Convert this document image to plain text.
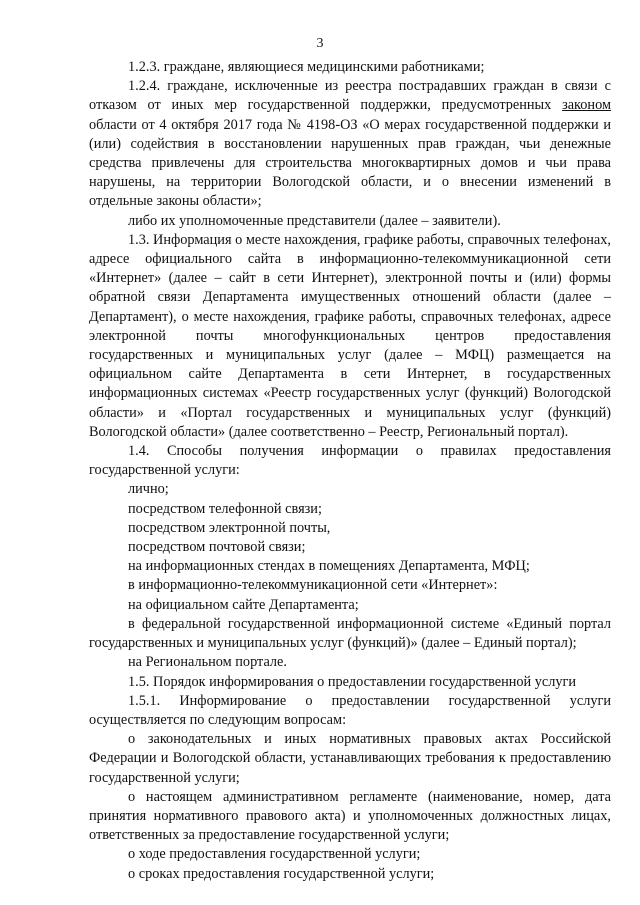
3

1.2.3. граждане, являющиеся медицинскими работниками;

1.2.4. граждане, исключенные из реестра пострадавших граждан в связи с отказом от иных мер государственной поддержки, предусмотренных законом области от 4 октября 2017 года № 4198-ОЗ «О мерах государственной поддержки и (или) содействия в восстановлении нарушенных прав граждан, чьи денежные средства привлечены для строительства многоквартирных домов и чьи права нарушены, на территории Вологодской области, и о внесении изменений в отдельные законы области»;

либо их уполномоченные представители (далее – заявители).

1.3. Информация о месте нахождения, графике работы, справочных телефонах, адресе официального сайта в информационно-телекоммуникационной сети «Интернет» (далее – сайт в сети Интернет), электронной почты и (или) формы обратной связи Департамента имущественных отношений области (далее – Департамент), о месте нахождения, графике работы, справочных телефонах, адресе электронной почты многофункциональных центров предоставления государственных и муниципальных услуг (далее – МФЦ) размещается на официальном сайте Департамента в сети Интернет, в государственных информационных системах «Реестр государственных услуг (функций) Вологодской области» и «Портал государственных и муниципальных услуг (функций) Вологодской области» (далее соответственно – Реестр, Региональный портал).

1.4. Способы получения информации о правилах предоставления государственной услуги:

лично;

посредством телефонной связи;

посредством электронной почты,

посредством почтовой связи;

на информационных стендах в помещениях Департамента, МФЦ;

в информационно-телекоммуникационной сети «Интернет»:

на официальном сайте Департамента;

в федеральной государственной информационной системе «Единый портал государственных и муниципальных услуг (функций)» (далее – Единый портал);

на Региональном портале.

1.5. Порядок информирования о предоставлении государственной услуги

1.5.1. Информирование о предоставлении государственной услуги осуществляется по следующим вопросам:

о законодательных и иных нормативных правовых актах Российской Федерации и Вологодской области, устанавливающих требования к предоставлению государственной услуги;

о настоящем административном регламенте (наименование, номер, дата принятия нормативного правового акта) и уполномоченных должностных лицах, ответственных за предоставление государственной услуги;

о ходе предоставления государственной услуги;

о сроках предоставления государственной услуги;
